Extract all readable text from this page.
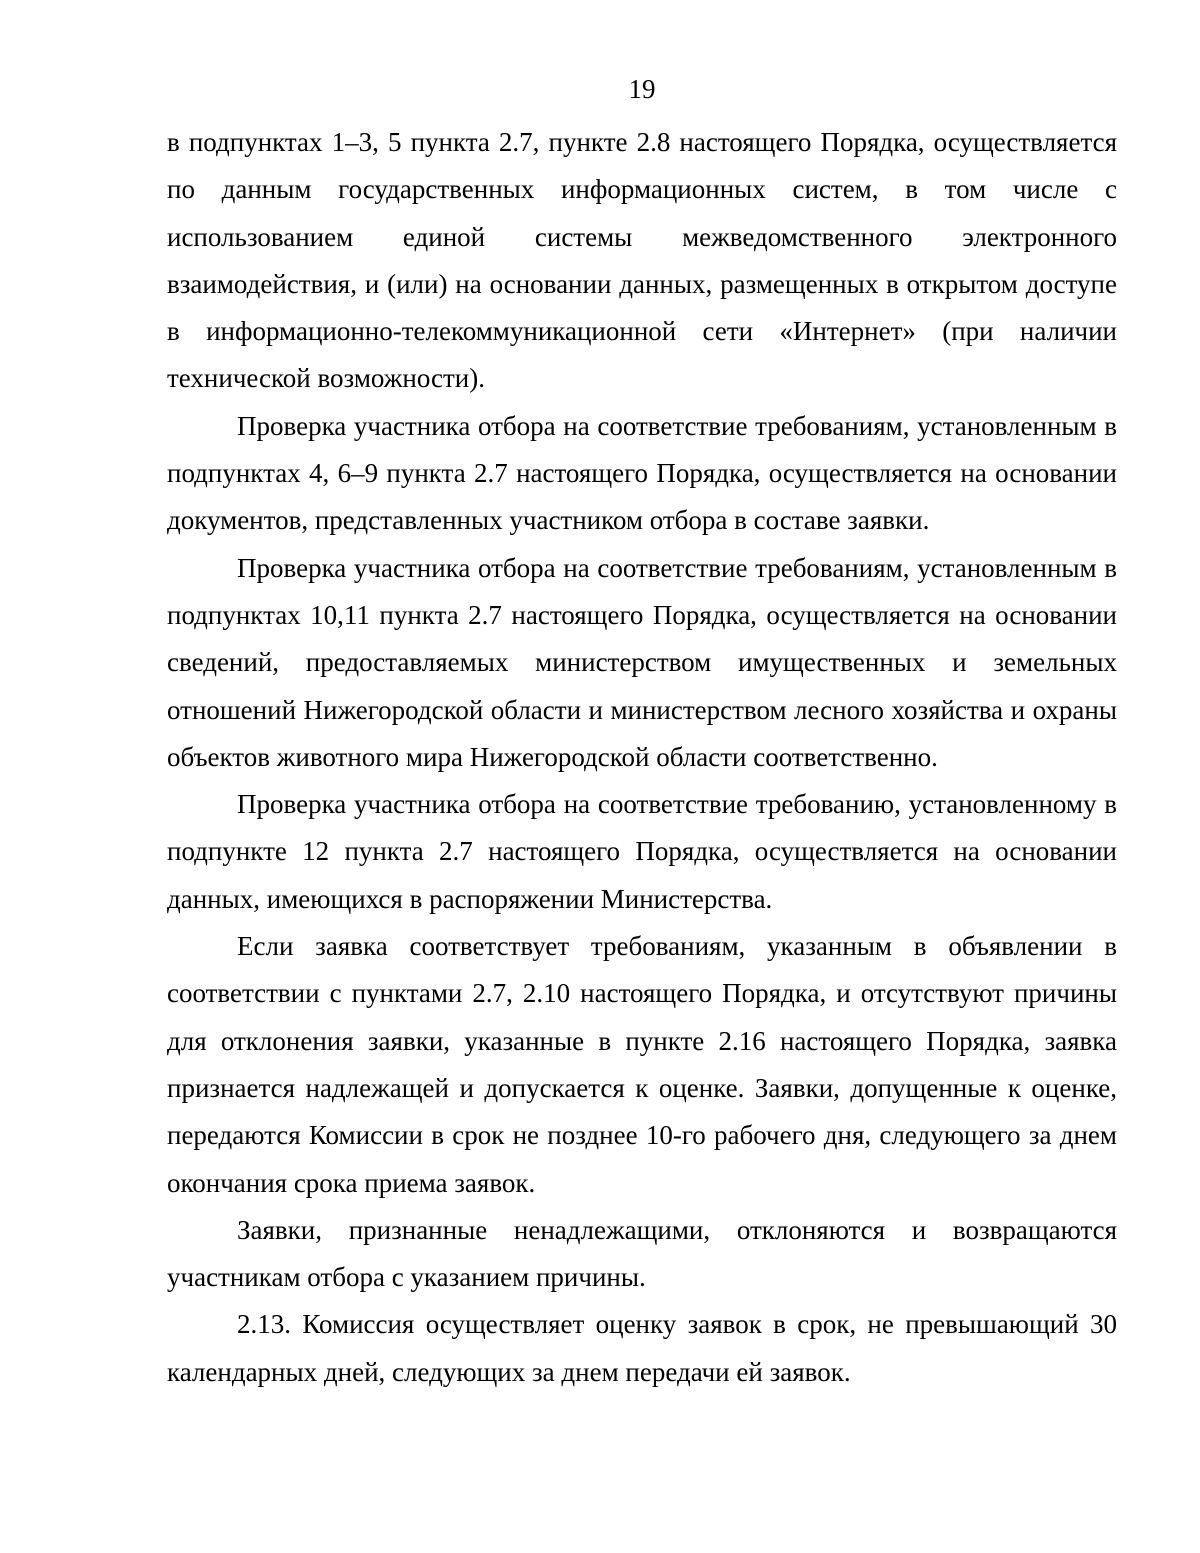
19

в подпунктах 1–3, 5 пункта 2.7, пункте 2.8 настоящего Порядка, осуществляется по данным государственных информационных систем, в том числе с использованием единой системы межведомственного электронного взаимодействия, и (или) на основании данных, размещенных в открытом доступе в информационно-телекоммуникационной сети «Интернет» (при наличии технической возможности).

Проверка участника отбора на соответствие требованиям, установленным в подпунктах 4, 6–9 пункта 2.7 настоящего Порядка, осуществляется на основании документов, представленных участником отбора в составе заявки.

Проверка участника отбора на соответствие требованиям, установленным в подпунктах 10,11 пункта 2.7 настоящего Порядка, осуществляется на основании сведений, предоставляемых министерством имущественных и земельных отношений Нижегородской области и министерством лесного хозяйства и охраны объектов животного мира Нижегородской области соответственно.

Проверка участника отбора на соответствие требованию, установленному в подпункте 12 пункта 2.7 настоящего Порядка, осуществляется на основании данных, имеющихся в распоряжении Министерства.

Если заявка соответствует требованиям, указанным в объявлении в соответствии с пунктами 2.7, 2.10 настоящего Порядка, и отсутствуют причины для отклонения заявки, указанные в пункте 2.16 настоящего Порядка, заявка признается надлежащей и допускается к оценке. Заявки, допущенные к оценке, передаются Комиссии в срок не позднее 10-го рабочего дня, следующего за днем окончания срока приема заявок.

Заявки, признанные ненадлежащими, отклоняются и возвращаются участникам отбора с указанием причины.

2.13. Комиссия осуществляет оценку заявок в срок, не превышающий 30 календарных дней, следующих за днем передачи ей заявок.
